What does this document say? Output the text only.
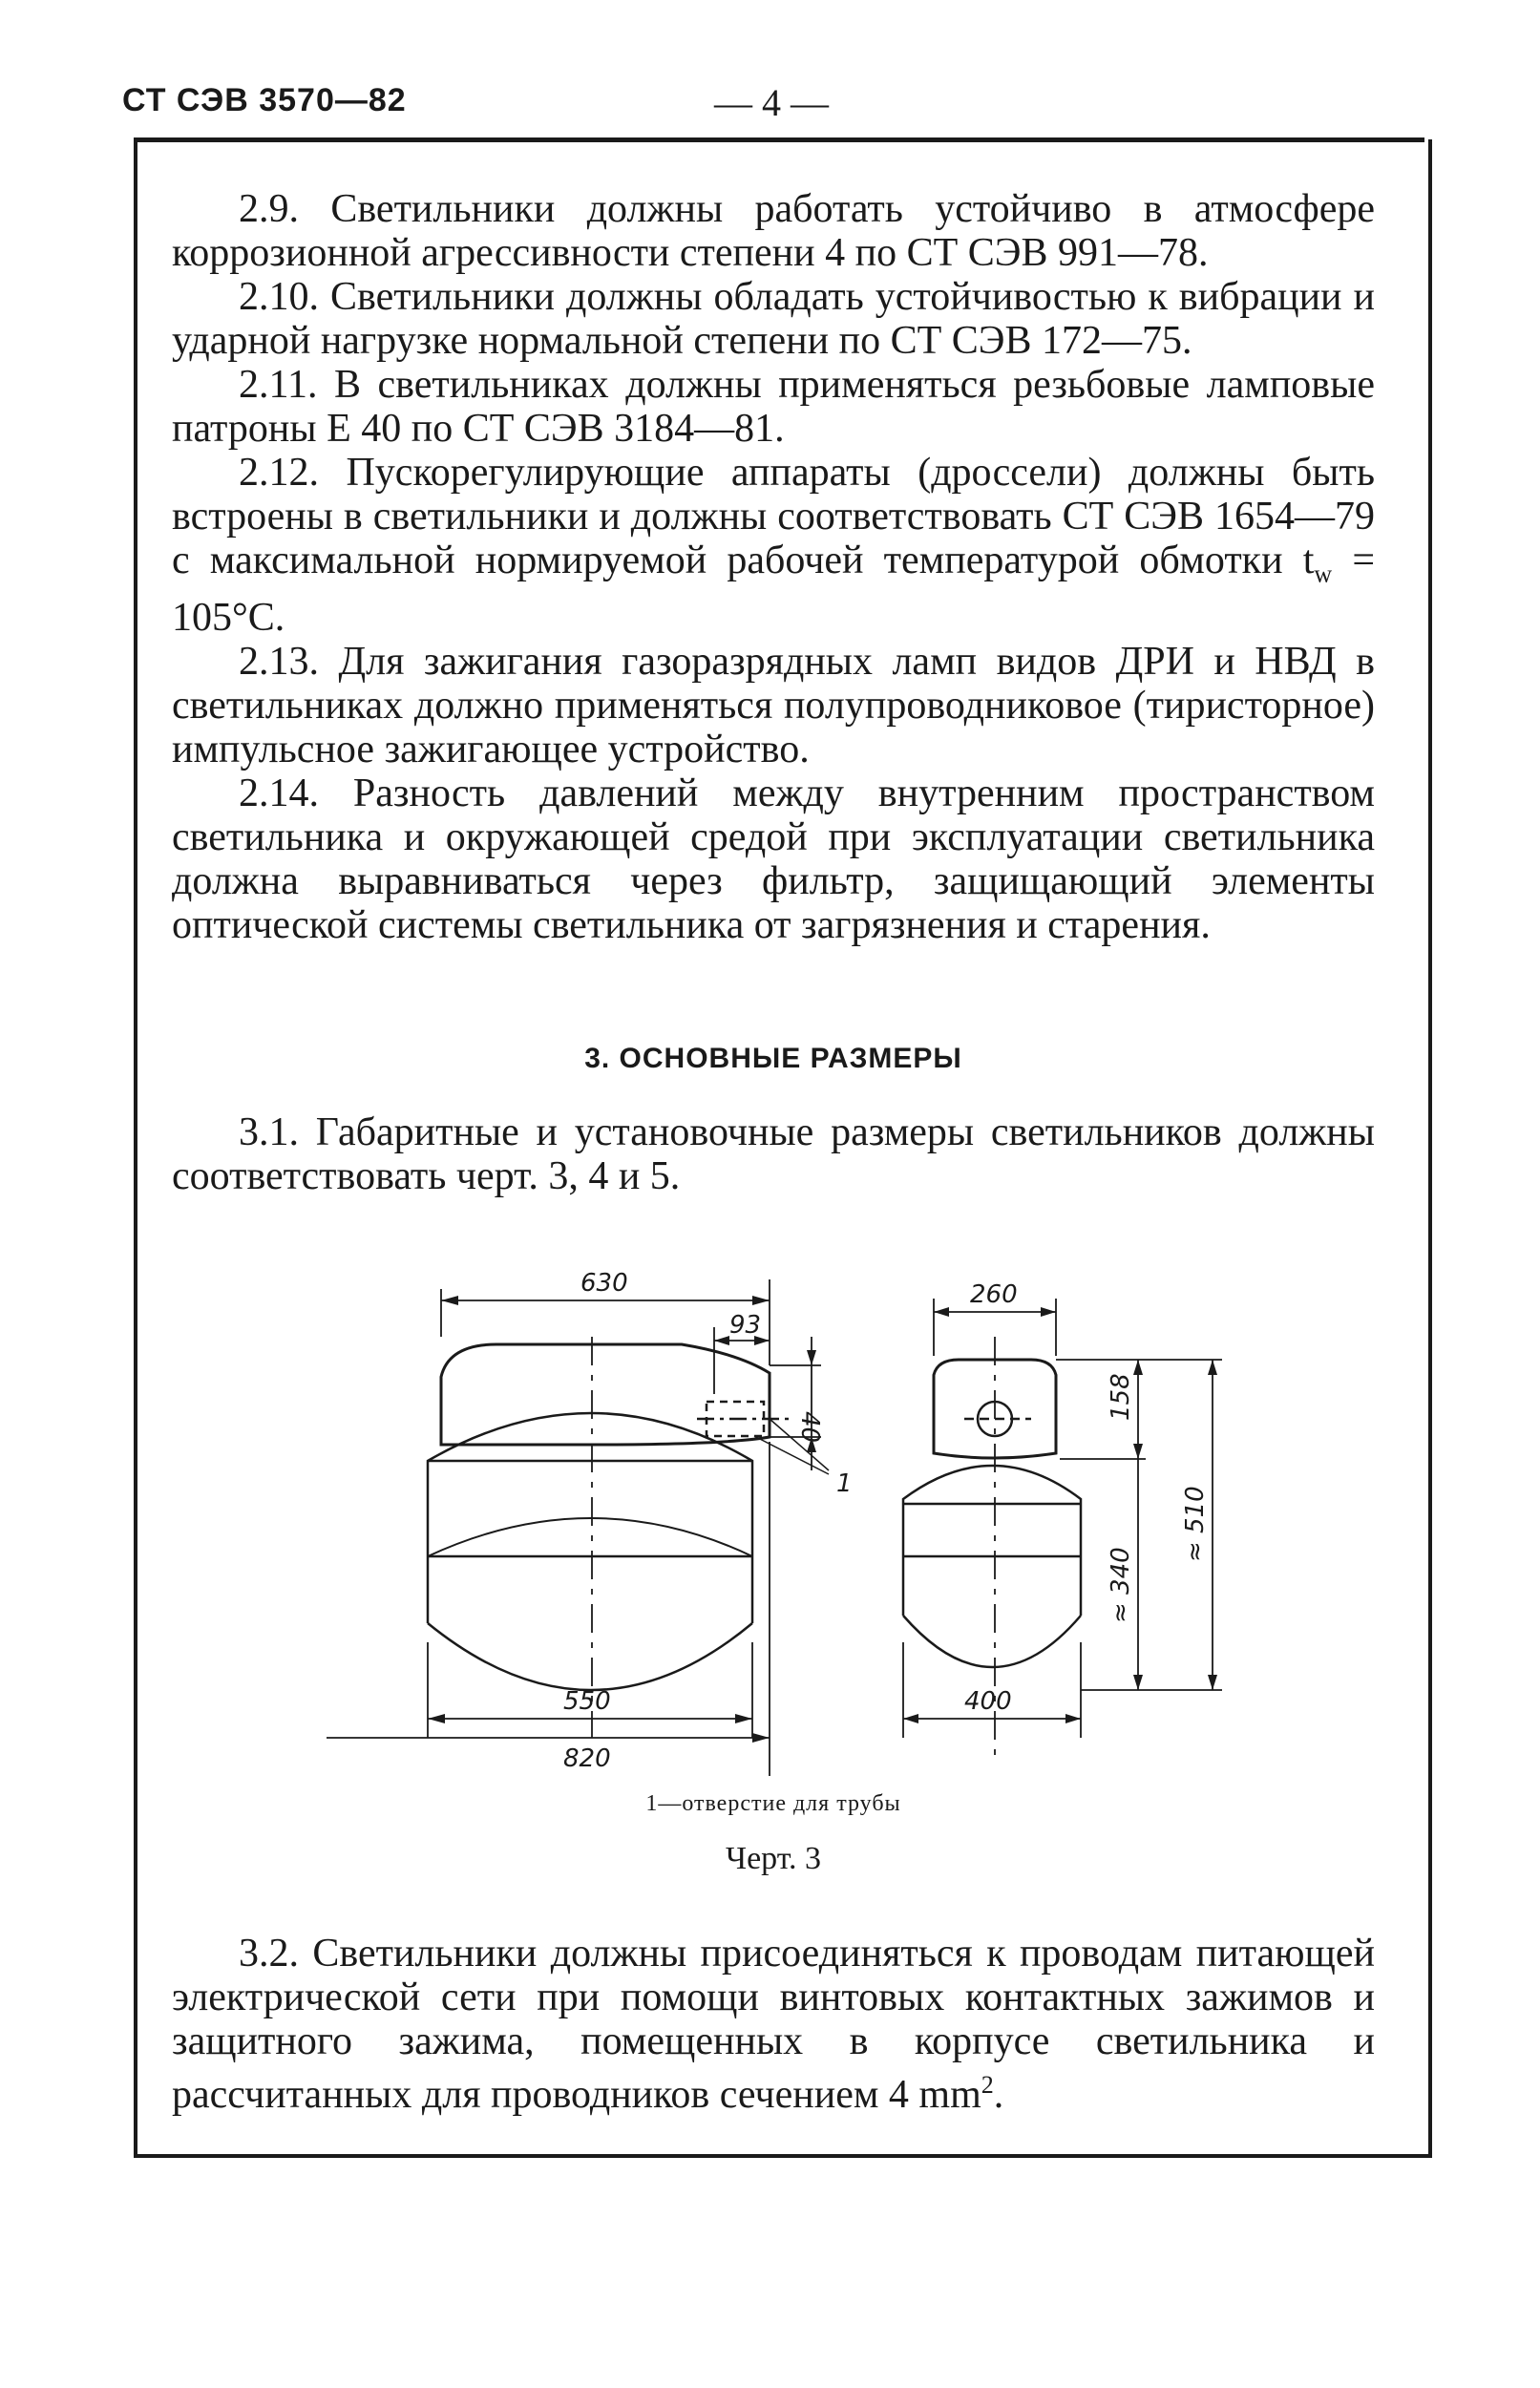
СТ СЭВ 3570—82	— 4 —

2.9. Светильники должны работать устойчиво в атмосфере коррозионной агрессивности степени 4 по СТ СЭВ 991—78.

2.10. Светильники должны обладать устойчивостью к вибрации и ударной нагрузке нормальной степени по СТ СЭВ 172—75.

2.11. В светильниках должны применяться резьбовые ламповые патроны Е 40 по СТ СЭВ 3184—81.

2.12. Пускорегулирующие аппараты (дроссели) должны быть встроены в светильники и должны соответствовать СТ СЭВ 1654—79 с максимальной нормируемой рабочей температурой обмотки $t_w = 105^\circ С$.

2.13. Для зажигания газоразрядных ламп видов ДРИ и НВД в светильниках должно применяться полупроводниковое (тиристорное) импульсное зажигающее устройство.

2.14. Разность давлений между внутренним пространством светильника и окружающей средой при эксплуатации светильника должна выравниваться через фильтр, защищающий элементы оптической системы светильника от загрязнения и старения.

3. ОСНОВНЫЕ РАЗМЕРЫ

3.1. Габаритные и установочные размеры светильников должны соответствовать черт. 3, 4 и 5.

630
93
40
1
550
820
260
158
≈ 340
≈ 510
400
1—отверстие для трубы
Черт. 3

3.2. Светильники должны присоединяться к проводам питающей электрической сети при помощи винтовых контактных зажимов и защитного зажима, помещенных в корпусе светильника и рассчитанных для проводников сечением 4 $mm^2$.
